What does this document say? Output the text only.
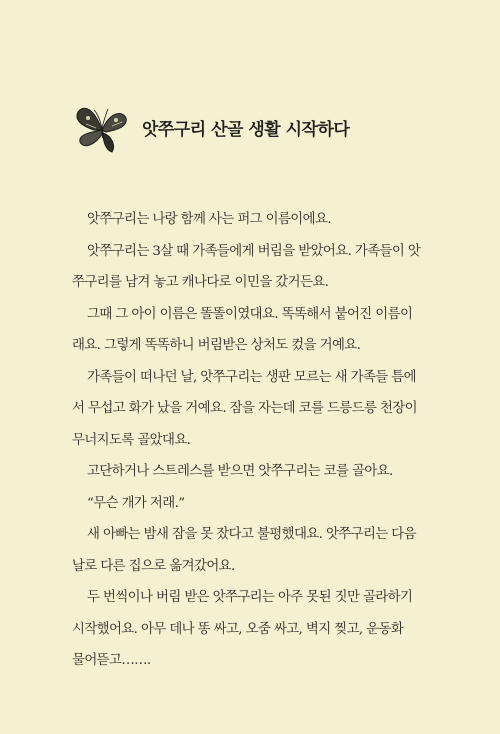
앗쭈구리 산골 생활 시작하다

앗쭈구리는 나랑 함께 사는 퍼그 이름이에요.

앗쭈구리는 3살 때 가족들에게 버림을 받았어요. 가족들이 앗
쭈구리를 남겨 놓고 캐나다로 이민을 갔거든요.

그때 그 아이 이름은 똘똘이였대요. 똑똑해서 붙어진 이름이
래요. 그렇게 똑똑하니 버림받은 상처도 컸을 거예요.

가족들이 떠나던 날, 앗쭈구리는 생판 모르는 새 가족들 틈에
서 무섭고 화가 났을 거예요. 잠을 자는데 코를 드릉드릉 천장이
무너지도록 골았대요.

고단하거나 스트레스를 받으면 앗쭈구리는 코를 골아요.

“무슨 개가 저래.”

새 아빠는 밤새 잠을 못 잤다고 불평했대요. 앗쭈구리는 다음
날로 다른 집으로 옮겨갔어요.

두 번씩이나 버림 받은 앗쭈구리는 아주 못된 짓만 골라하기
시작했어요. 아무 데나 똥 싸고, 오줌 싸고, 벽지 찢고, 운동화
물어뜯고…….
